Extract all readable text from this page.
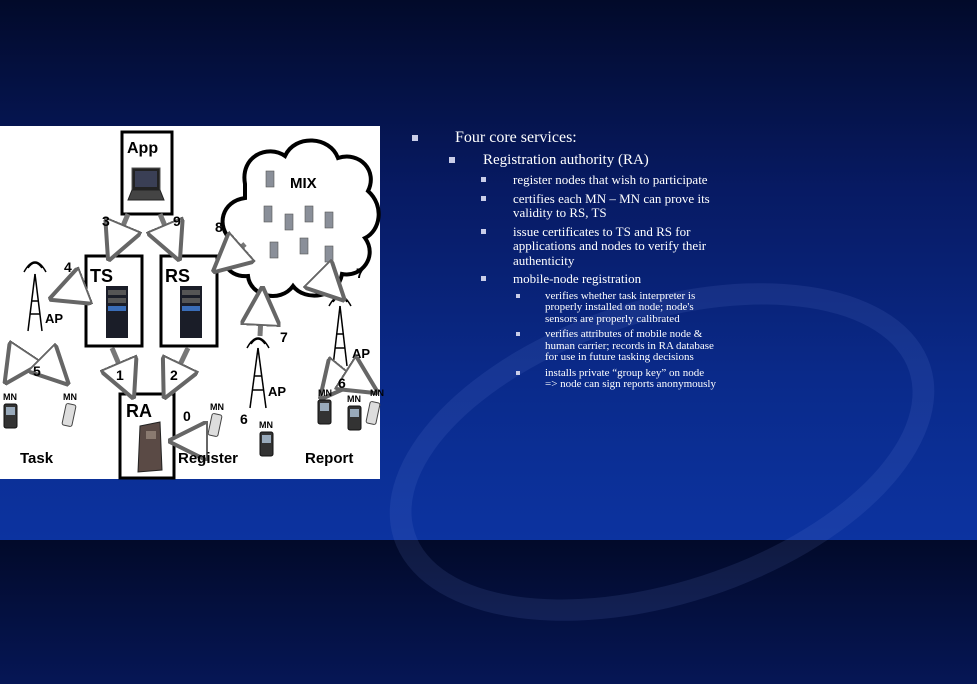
App
MIX
TS	RS
RA
AP
AP
AP
3	9 8
4	7
7
5	1	2
0	6
6
MN	MN
MN
MN
MN
MN
MN
Task	Register	Report
Four core services:
Registration authority (RA)
register nodes that wish to participate
certifies each MN – MN can prove its validity to RS, TS
issue certificates to TS and RS for applications and nodes to verify their authenticity
mobile-node registration
verifies whether task interpreter is properly installed on node; node's sensors are properly calibrated
verifies attributes of mobile node & human carrier; records in RA database for use in future tasking decisions
installs private “group key” on node => node can sign reports anonymously
